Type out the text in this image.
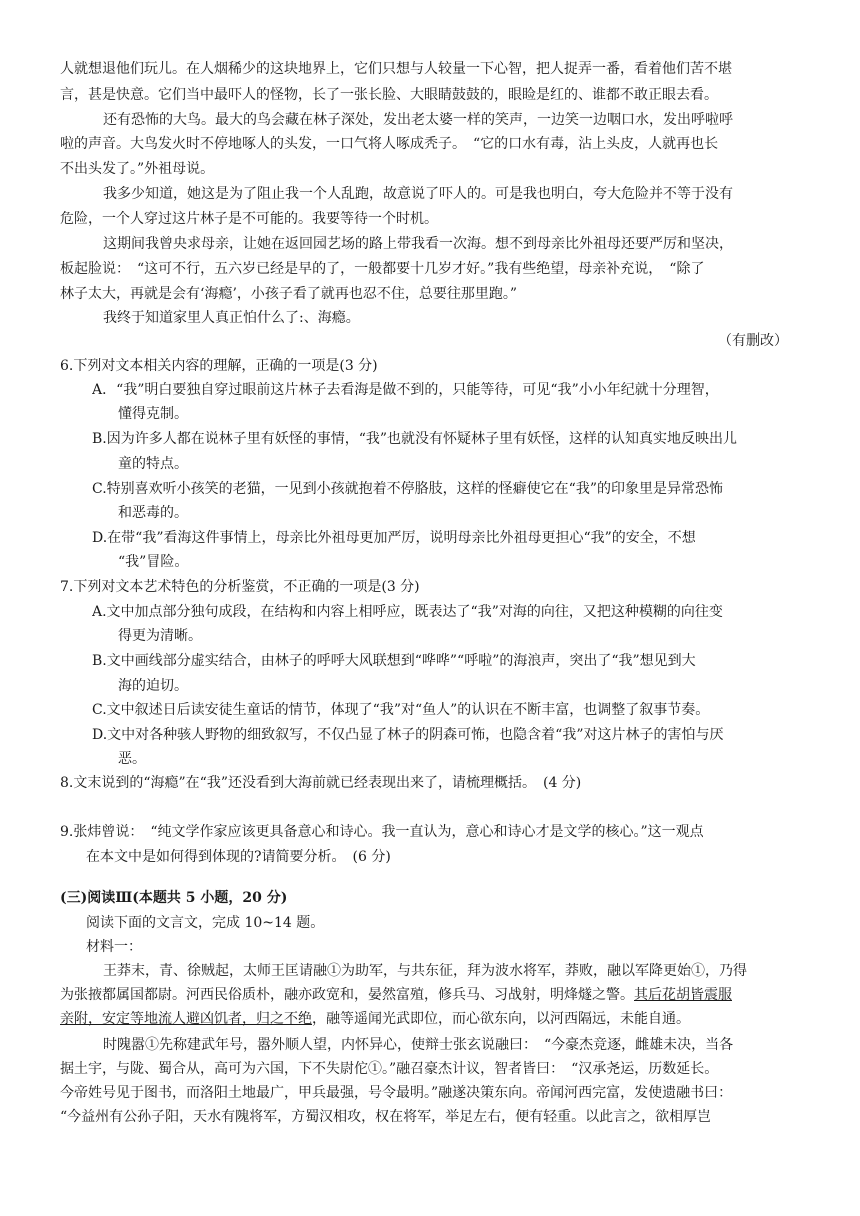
人就想退他们玩儿。在人烟稀少的这块地界上，它们只想与人较量一下心智，把人捉弄一番，看着他们苦不堪
言，甚是快意。它们当中最吓人的怪物，长了一张长脸、大眼睛鼓鼓的，眼睑是红的、谁都不敢正眼去看。
还有恐怖的大鸟。最大的鸟会藏在林子深处，发出老太婆一样的笑声，一边笑一边咽口水，发出呼啦呼
啦的声音。大鸟发火时不停地啄人的头发，一口气将人啄成秃子。　“它的口水有毒，沾上头皮，人就再也长
不出头发了。”外祖母说。
我多少知道，她这是为了阻止我一个人乱跑，故意说了吓人的。可是我也明白，夸大危险并不等于没有
危险，一个人穿过这片林子是不可能的。我要等待一个时机。
这期间我曾央求母亲，让她在返回园艺场的路上带我看一次海。想不到母亲比外祖母还要严厉和坚决，
板起脸说：　“这可不行，五六岁已经是早的了，一般都要十几岁才好。”我有些绝望，母亲补充说，　“除了
林子太大，再就是会有‘海瘾’，小孩子看了就再也忍不住，总要往那里跑。”
我终于知道家里人真正怕什么了:、海瘾。
（有删改）
6.下列对文本相关内容的理解，正确的一项是(3 分)
A．“我”明白要独自穿过眼前这片林子去看海是做不到的，只能等待，可见“我”小小年纪就十分理智，
懂得克制。
B.因为许多人都在说林子里有妖怪的事情，“我”也就没有怀疑林子里有妖怪，这样的认知真实地反映出儿
童的特点。
C.特别喜欢听小孩笑的老猫，一见到小孩就抱着不停胳肢，这样的怪癖使它在“我”的印象里是异常恐怖
和恶毒的。
D.在带“我”看海这件事情上，母亲比外祖母更加严厉，说明母亲比外祖母更担心“我”的安全，不想
“我”冒险。
7.下列对文本艺术特色的分析鉴赏，不正确的一项是(3 分)
A.文中加点部分独句成段，在结构和内容上相呼应，既表达了“我”对海的向往，又把这种模糊的向往变
得更为清晰。
B.文中画线部分虚实结合，由林子的呼呼大风联想到“哗哗”“呼啦”的海浪声，突出了“我”想见到大
海的迫切。
C.文中叙述日后读安徒生童话的情节，体现了“我”对“鱼人”的认识在不断丰富，也调整了叙事节奏。
D.文中对各种骇人野物的细致叙写，不仅凸显了林子的阴森可怖，也隐含着“我”对这片林子的害怕与厌
恶。
8.文末说到的“海瘾”在“我”还没看到大海前就已经表现出来了，请梳理概括。　(4 分)
9.张炜曾说：　“纯文学作家应该更具备意心和诗心。我一直认为，意心和诗心才是文学的核心。”这一观点
在本文中是如何得到体现的?请简要分析。　(6 分)
(三)阅读Ⅲ(本题共 5 小题，20 分)
阅读下面的文言文，完成 10~14 题。
材料一：
王莽末，青、徐贼起，太师王匡请融①为助军，与共东征，拜为波水将军，莽败，融以军降更始①，乃得
为张掖都属国都尉。河西民俗质朴，融亦政宽和，晏然富殖，修兵马、习战射，明烽燧之警。其后花胡皆震服
亲附，安定等地流人避凶饥者，归之不绝，融等遥闻光武即位，而心欲东向，以河西隔远，未能自通。
时隗嚣①先称建武年号，嚣外顺人望，内怀异心，使辩士张玄说融曰：　“今豪杰竞逐，雌雄未决，当各
据土宇，与陇、蜀合从，高可为六国，下不失尉佗①。”融召豪杰计议，智者皆曰：　“汉承尧运，历数延长。
今帝姓号见于图书，而洛阳土地最广，甲兵最强，号令最明。”融遂决策东向。帝闻河西完富，发使遗融书曰：
“今益州有公孙子阳，天水有隗将军，方蜀汉相攻，权在将军，举足左右，便有轻重。以此言之，欲相厚岂
